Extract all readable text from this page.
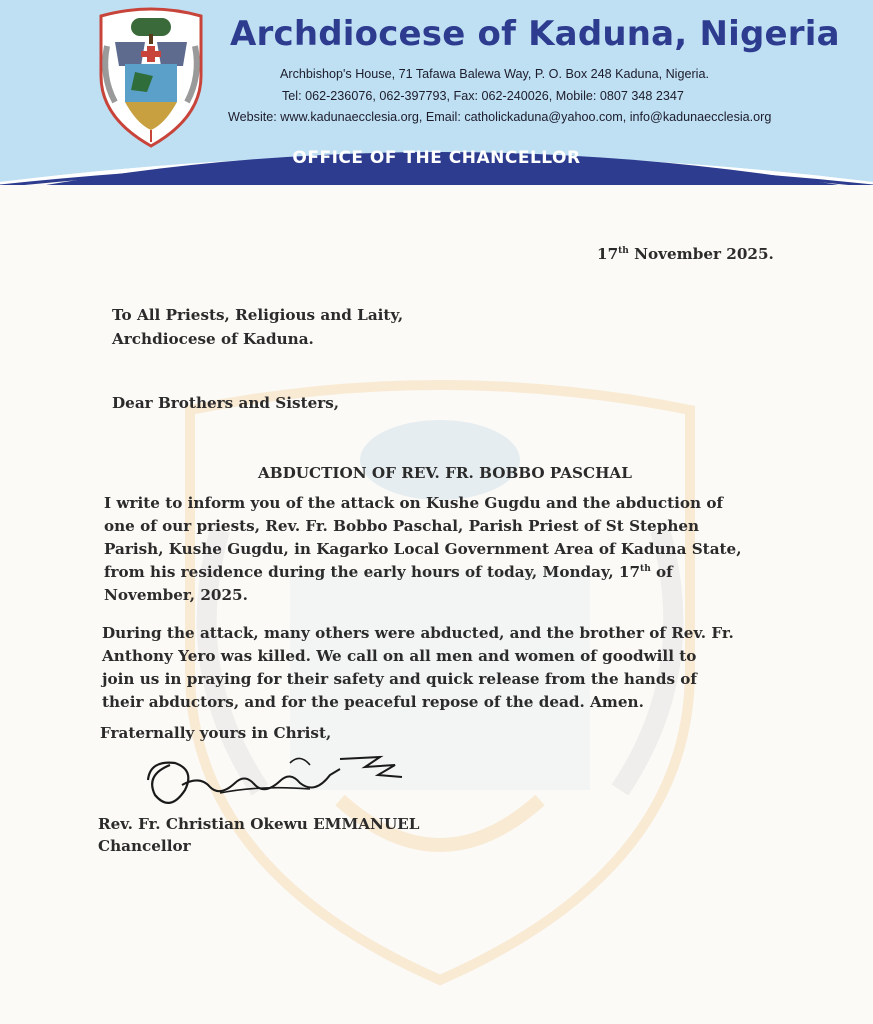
Archdiocese of Kaduna, Nigeria
Archbishop's House, 71 Tafawa Balewa Way, P. O. Box 248 Kaduna, Nigeria.
Tel: 062-236076, 062-397793, Fax: 062-240026, Mobile: 0807 348 2347
Website: www.kadunaecclesia.org, Email: catholickaduna@yahoo.com, info@kadunaecclesia.org
OFFICE OF THE CHANCELLOR
17th November 2025.
To All Priests, Religious and Laity,
Archdiocese of Kaduna.
Dear Brothers and Sisters,
ABDUCTION OF REV. FR. BOBBO PASCHAL
I write to inform you of the attack on Kushe Gugdu and the abduction of
one of our priests, Rev. Fr. Bobbo Paschal, Parish Priest of St Stephen
Parish, Kushe Gugdu, in Kagarko Local Government Area of Kaduna State,
from his residence during the early hours of today, Monday, 17th of
November, 2025.
During the attack, many others were abducted, and the brother of Rev. Fr.
Anthony Yero was killed. We call on all men and women of goodwill to
join us in praying for their safety and quick release from the hands of
their abductors, and for the peaceful repose of the dead. Amen.
Fraternally yours in Christ,
Rev. Fr. Christian Okewu EMMANUEL
Chancellor
